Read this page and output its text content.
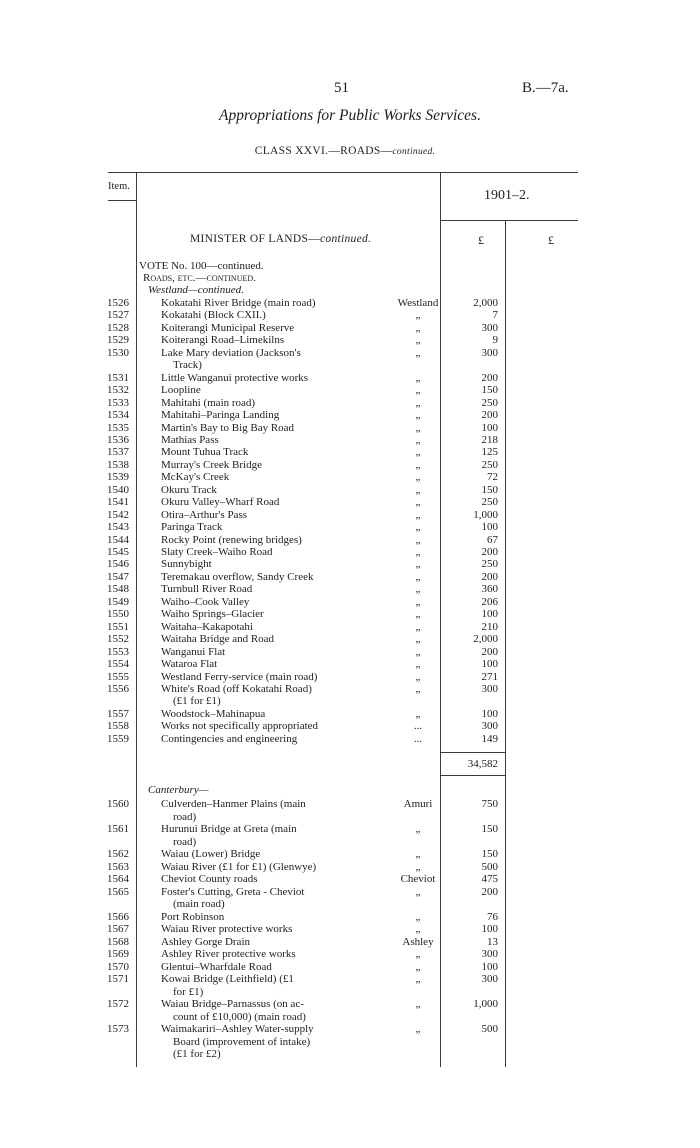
51	B.—7a.
Appropriations for Public Works Services.
CLASS XXVI.—ROADS—continued.
Item.
1901–2.
MINISTER OF LANDS—continued.	£	£
VOTE No. 100—continued.
Roads, etc.—continued.
Westland—continued.
1526	Kokatahi River Bridge (main road)	Westland	2,000
1527	Kokatahi (Block CXII.)	„	7
1528	Koiterangi Municipal Reserve	„	300
1529	Koiterangi Road–Limekilns	„	9
1530	Lake Mary deviation (Jackson's	„	300
Track)
1531	Little Wanganui protective works	„	200
1532	Loopline	„	150
1533	Mahitahi (main road)	„	250
1534	Mahitahi–Paringa Landing	„	200
1535	Martin's Bay to Big Bay Road	„	100
1536	Mathias Pass	„	218
1537	Mount Tuhua Track	„	125
1538	Murray's Creek Bridge	„	250
1539	McKay's Creek	„	72
1540	Okuru Track	„	150
1541	Okuru Valley–Wharf Road	„	250
1542	Otira–Arthur's Pass	„	1,000
1543	Paringa Track	„	100
1544	Rocky Point (renewing bridges)	„	67
1545	Slaty Creek–Waiho Road	„	200
1546	Sunnybight	„	250
1547	Teremakau overflow, Sandy Creek	„	200
1548	Turnbull River Road	„	360
1549	Waiho–Cook Valley	„	206
1550	Waiho Springs–Glacier	„	100
1551	Waitaha–Kakapotahi	„	210
1552	Waitaha Bridge and Road	„	2,000
1553	Wanganui Flat	„	200
1554	Wataroa Flat	„	100
1555	Westland Ferry-service (main road)	„	271
1556	White's Road (off Kokatahi Road)	„	300
(£1 for £1)
1557	Woodstock–Mahinapua	„	100
1558	Works not specifically appropriated	...	300
1559	Contingencies and engineering	...	149
34,582
Canterbury—
1560	Culverden–Hanmer Plains (main	Amuri	750
road)
1561	Hurunui Bridge at Greta (main	„	150
road)
1562	Waiau (Lower) Bridge	„	150
1563	Waiau River (£1 for £1) (Glenwye)	„	500
1564	Cheviot County roads	Cheviot	475
1565	Foster's Cutting, Greta - Cheviot	„	200
(main road)
1566	Port Robinson	„	76
1567	Waiau River protective works	„	100
1568	Ashley Gorge Drain	Ashley	13
1569	Ashley River protective works	„	300
1570	Glentui–Wharfdale Road	„	100
1571	Kowai Bridge (Leithfield) (£1	„	300
for £1)
1572	Waiau Bridge–Parnassus (on ac-	„	1,000
count of £10,000) (main road)
1573	Waimakariri–Ashley Water-supply	„	500
Board (improvement of intake)
(£1 for £2)
